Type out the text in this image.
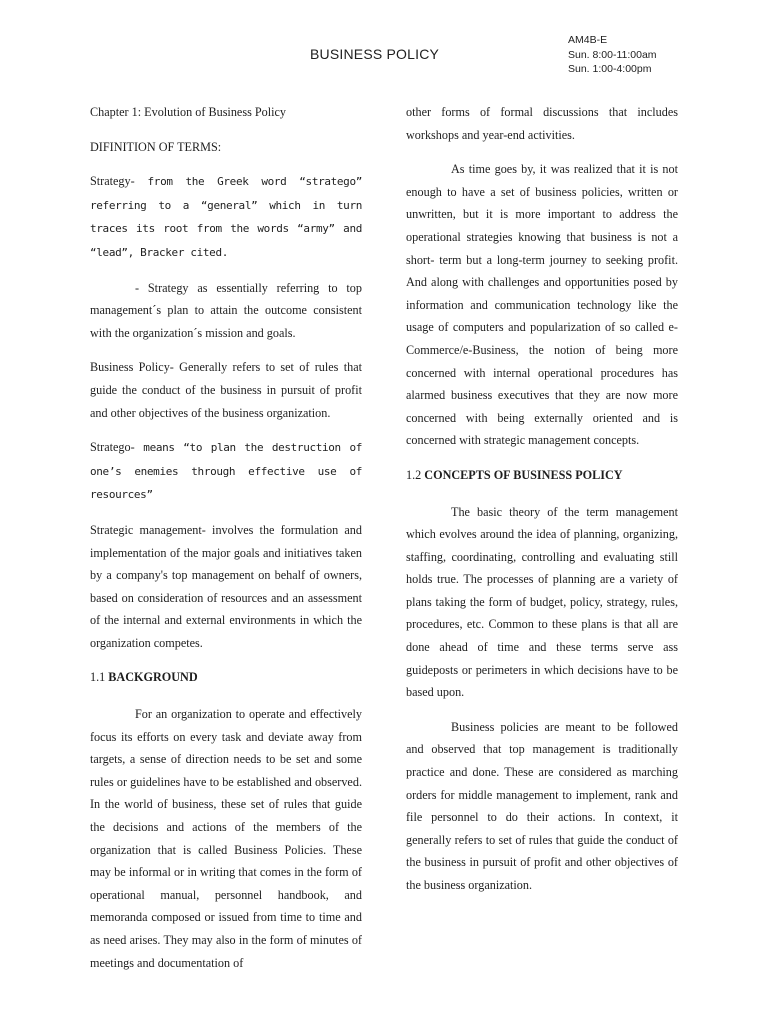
BUSINESS POLICY
AM4B-E
Sun. 8:00-11:00am
Sun. 1:00-4:00pm

Chapter 1: Evolution of Business Policy

DIFINITION OF TERMS:

Strategy- from the Greek word “stratego” referring to a “general” which in turn traces its root from the words “army” and “lead”, Bracker cited.

- Strategy as essentially referring to top management´s plan to attain the outcome consistent with the organization´s mission and goals.

Business Policy- Generally refers to set of rules that guide the conduct of the business in pursuit of profit and other objectives of the business organization.

Stratego- means “to plan the destruction of one’s enemies through effective use of resources”

Strategic management- involves the formulation and implementation of the major goals and initiatives taken by a company's top management on behalf of owners, based on consideration of resources and an assessment of the internal and external environments in which the organization competes.

1.1 BACKGROUND

For an organization to operate and effectively focus its efforts on every task and deviate away from targets, a sense of direction needs to be set and some rules or guidelines have to be established and observed. In the world of business, these set of rules that guide the decisions and actions of the members of the organization that is called Business Policies. These may be informal or in writing that comes in the form of operational manual, personnel handbook, and memoranda composed or issued from time to time and as need arises. They may also in the form of minutes of meetings and documentation of

other forms of formal discussions that includes workshops and year-end activities.

As time goes by, it was realized that it is not enough to have a set of business policies, written or unwritten, but it is more important to address the operational strategies knowing that business is not a short- term but a long-term journey to seeking profit. And along with challenges and opportunities posed by information and communication technology like the usage of computers and popularization of so called e-Commerce/e-Business, the notion of being more concerned with internal operational procedures has alarmed business executives that they are now more concerned with being externally oriented and is concerned with strategic management concepts.

1.2 CONCEPTS OF BUSINESS POLICY

The basic theory of the term management which evolves around the idea of planning, organizing, staffing, coordinating, controlling and evaluating still holds true. The processes of planning are a variety of plans taking the form of budget, policy, strategy, rules, procedures, etc. Common to these plans is that all are done ahead of time and these terms serve ass guideposts or perimeters in which decisions have to be based upon.

Business policies are meant to be followed and observed that top management is traditionally practice and done. These are considered as marching orders for middle management to implement, rank and file personnel to do their actions. In context, it generally refers to set of rules that guide the conduct of the business in pursuit of profit and other objectives of the business organization.
